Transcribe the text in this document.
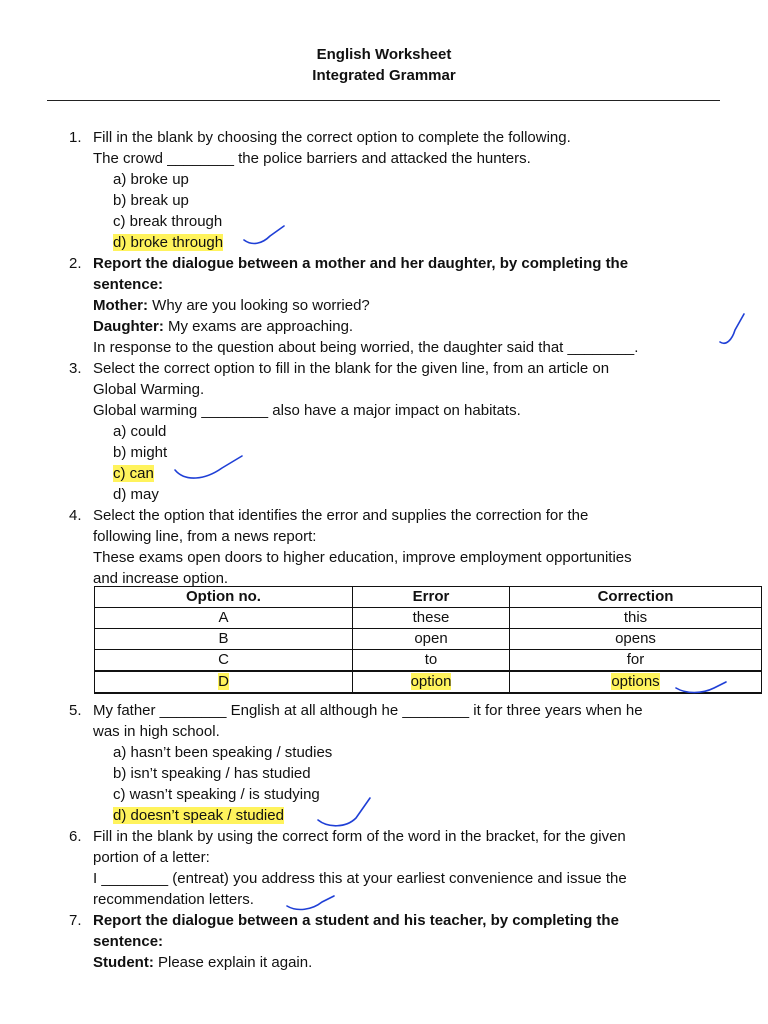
English Worksheet
Integrated Grammar
1. Fill in the blank by choosing the correct option to complete the following.
The crowd ________ the police barriers and attacked the hunters.
a) broke up
b) break up
c) break through
d) broke through
2. Report the dialogue between a mother and her daughter, by completing the
sentence:
Mother: Why are you looking so worried?
Daughter: My exams are approaching.
In response to the question about being worried, the daughter said that ________.
3. Select the correct option to fill in the blank for the given line, from an article on
Global Warming.
Global warming ________ also have a major impact on habitats.
a) could
b) might
c) can
d) may
4. Select the option that identifies the error and supplies the correction for the
following line, from a news report:
These exams open doors to higher education, improve employment opportunities
and increase option.
Option no.	Error	Correction
A	these	this
B	open	opens
C	to	for
D	option	options
5. My father ________ English at all although he ________ it for three years when he
was in high school.
a) hasn’t been speaking / studies
b) isn’t speaking / has studied
c) wasn’t speaking / is studying
d) doesn’t speak / studied
6. Fill in the blank by using the correct form of the word in the bracket, for the given
portion of a letter:
I ________ (entreat) you address this at your earliest convenience and issue the
recommendation letters.
7. Report the dialogue between a student and his teacher, by completing the
sentence:
Student: Please explain it again.
